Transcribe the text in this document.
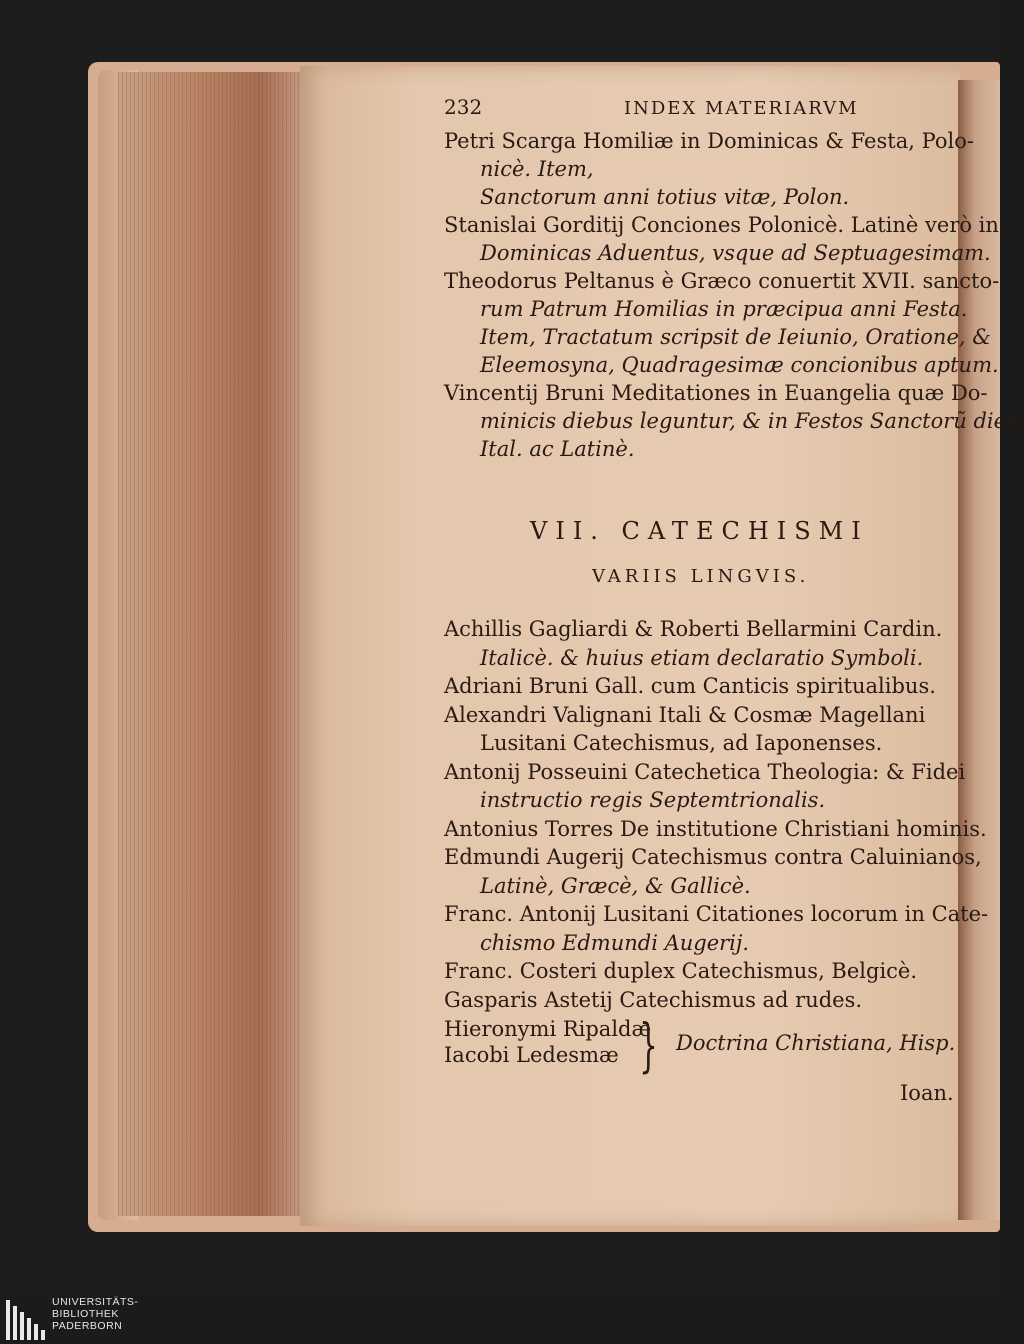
232	INDEX MATERIARVM
Petri Scarga Homiliæ in Dominicas & Festa, Polo-
nicè. Item,
Sanctorum anni totius vitæ, Polon.
Stanislai Gorditij Conciones Polonicè. Latinè verò in
Dominicas Aduentus, vsque ad Septuagesimam.
Theodorus Peltanus è Græco conuertit XVII. sancto-
rum Patrum Homilias in præcipua anni Festa.
Item, Tractatum scripsit de Ieiunio, Oratione, &
Eleemosyna, Quadragesimæ concionibus aptum.
Vincentij Bruni Meditationes in Euangelia quæ Do-
minicis diebus leguntur, & in Festos Sanctorũ dies,
Ital. ac Latinè.
VII. CATECHISMI
VARIIS LINGVIS.
Achillis Gagliardi & Roberti Bellarmini Cardin.
Italicè. & huius etiam declaratio Symboli.
Adriani Bruni Gall. cum Canticis spiritualibus.
Alexandri Valignani Itali & Cosmæ Magellani
Lusitani Catechismus, ad Iaponenses.
Antonij Posseuini Catechetica Theologia: & Fidei
instructio regis Septemtrionalis.
Antonius Torres De institutione Christiani hominis.
Edmundi Augerij Catechismus contra Caluinianos,
Latinè, Græcè, & Gallicè.
Franc. Antonij Lusitani Citationes locorum in Cate-
chismo Edmundi Augerij.
Franc. Costeri duplex Catechismus, Belgicè.
Gasparis Astetij Catechismus ad rudes.
Hieronymi Ripaldæ
Iacobi Ledesmæ } Doctrina Christiana, Hisp.
Ioan.
UNIVERSITÄTS-
BIBLIOTHEK
PADERBORN
